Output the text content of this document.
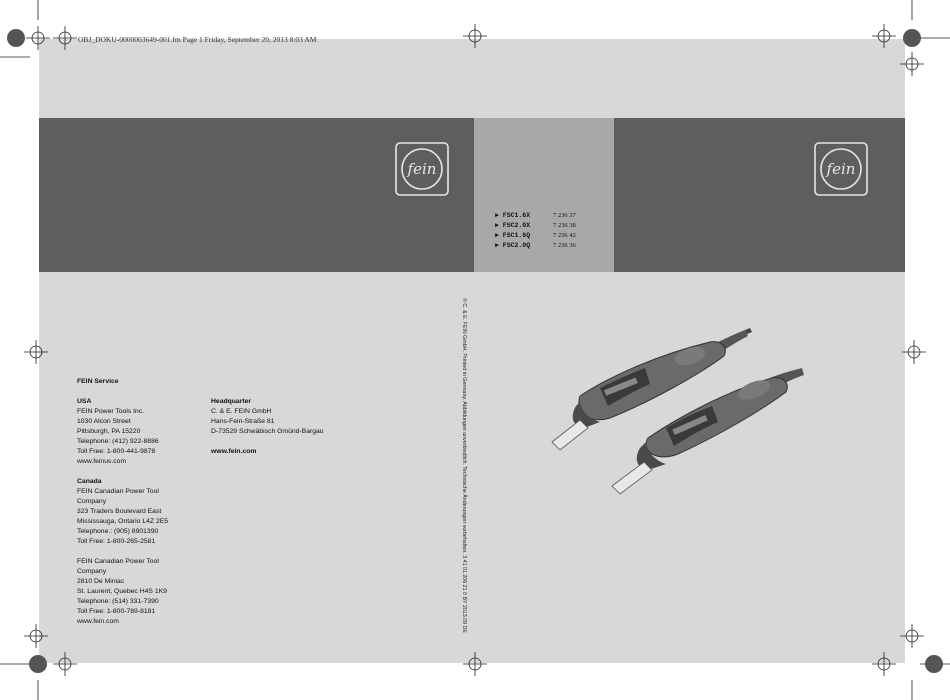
OBJ_DOKU-0000003649-001.fm Page 1 Friday, September 20, 2013 8:03 AM
fein	fein
► FSC1.6X	7 236 37
► FSC2.0X	7 236 38
► FSC1.6Q	7 236 42
► FSC2.0Q	7 236 36
FEIN Service
USA
FEIN Power Tools Inc.
1030 Alcon Street
Pittsburgh, PA 15220
Telephone: (412) 922-8886
Toll Free: 1-800-441-9878
www.feinus.com
Canada
FEIN Canadian Power Tool
Company
323 Traders Boulevard East
Mississauga, Ontario L4Z 2E5
Telephone.: (905) 8901390
Toll Free: 1-800-265-2581
FEIN Canadian Power Tool
Company
2810 De Miniac
St. Laurent, Quebec H4S 1K9
Telephone: (514) 331-7390
Toll Free: 1-800-789-8181
www.fein.com
Headquarter
C. & E. FEIN GmbH
Hans-Fein-Straße 81
D-73529 Schwäbisch Gmünd-Bargau
www.fein.com	© C. & E. FEIN GmbH. Printed in Germany. Abbildungen unverbindlich. Technische Änderungen vorbehalten. 3 41 01 206 21 0 BY 2013.09 DE
